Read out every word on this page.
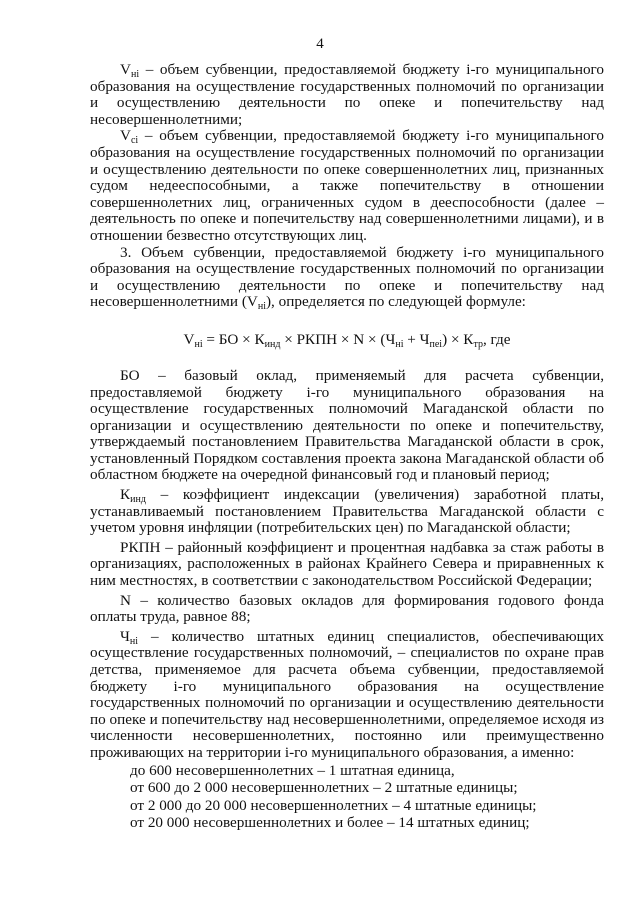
4

$V_{нi}$ – объем субвенции, предоставляемой бюджету i-го муниципального образования на осуществление государственных полномочий по организации и осуществлению деятельности по опеке и попечительству над несовершеннолетними;

$V_{сi}$ – объем субвенции, предоставляемой бюджету i-го муниципального образования на осуществление государственных полномочий по организации и осуществлению деятельности по опеке совершеннолетних лиц, признанных судом недееспособными, а также попечительству в отношении совершеннолетних лиц, ограниченных судом в дееспособности (далее – деятельность по опеке и попечительству над совершеннолетними лицами), и в отношении безвестно отсутствующих лиц.

3. Объем субвенции, предоставляемой бюджету i-го муниципального образования на осуществление государственных полномочий по организации и осуществлению деятельности по опеке и попечительству над несовершеннолетними $(V_{нi})$, определяется по следующей формуле:

$V_{нi}$ = БО × $К_{инд}$ × РКПН × $N \times (Ч_{нi} + Ч_{пеi}) \times К_{тр}$, где

БО – базовый оклад, применяемый для расчета субвенции, предоставляемой бюджету i-го муниципального образования на осуществление государственных полномочий Магаданской области по организации и осуществлению деятельности по опеке и попечительству, утверждаемый постановлением Правительства Магаданской области в срок, установленный Порядком составления проекта закона Магаданской области об областном бюджете на очередной финансовый год и плановый период;

$К_{инд}$ – коэффициент индексации (увеличения) заработной платы, устанавливаемый постановлением Правительства Магаданской области с учетом уровня инфляции (потребительских цен) по Магаданской области;

РКПН – районный коэффициент и процентная надбавка за стаж работы в организациях, расположенных в районах Крайнего Севера и приравненных к ним местностях, в соответствии с законодательством Российской Федерации;

N – количество базовых окладов для формирования годового фонда оплаты труда, равное 88;

$Ч_{нi}$ – количество штатных единиц специалистов, обеспечивающих осуществление государственных полномочий, – специалистов по охране прав детства, применяемое для расчета объема субвенции, предоставляемой бюджету i-го муниципального образования на осуществление государственных полномочий по организации и осуществлению деятельности по опеке и попечительству над несовершеннолетними, определяемое исходя из численности несовершеннолетних, постоянно или преимущественно проживающих на территории i-го муниципального образования, а именно:

до 600 несовершеннолетних – 1 штатная единица,

от 600 до 2 000 несовершеннолетних – 2 штатные единицы;

от 2 000 до 20 000 несовершеннолетних – 4 штатные единицы;

от 20 000 несовершеннолетних и более – 14 штатных единиц;
